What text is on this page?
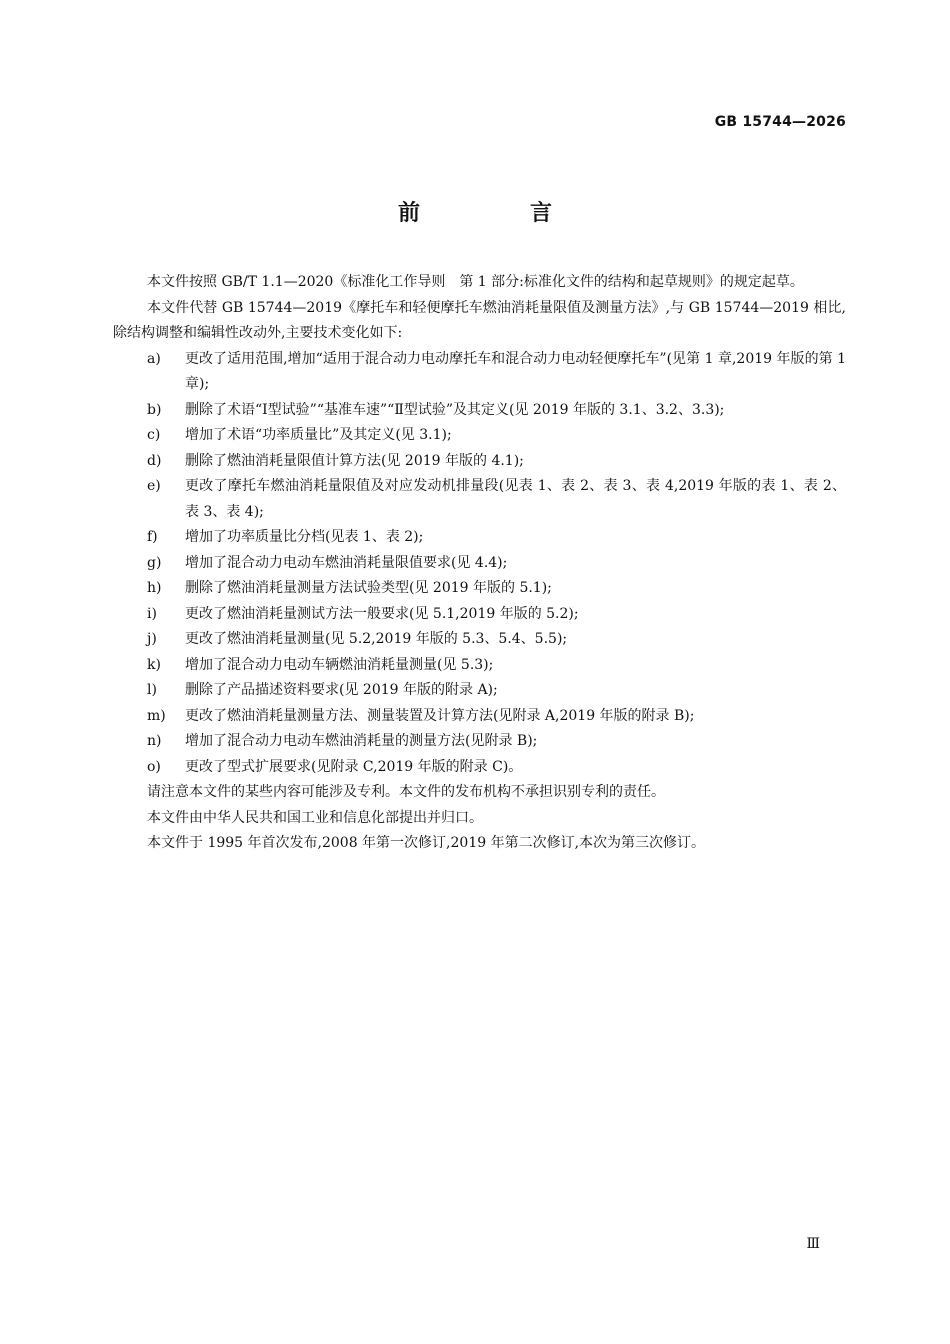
GB 15744—2026
前　言

本文件按照 GB/T 1.1—2020《标准化工作导则　第 1 部分:标准化文件的结构和起草规则》的规定起草。

本文件代替 GB 15744—2019《摩托车和轻便摩托车燃油消耗量限值及测量方法》,与 GB 15744—2019 相比,除结构调整和编辑性改动外,主要技术变化如下:

a)	更改了适用范围,增加“适用于混合动力电动摩托车和混合动力电动轻便摩托车”(见第 1 章,2019 年版的第 1 章);
b)	删除了术语“Ⅰ型试验”“基准车速”“Ⅱ型试验”及其定义(见 2019 年版的 3.1、3.2、3.3);
c)	增加了术语“功率质量比”及其定义(见 3.1);
d)	删除了燃油消耗量限值计算方法(见 2019 年版的 4.1);
e)	更改了摩托车燃油消耗量限值及对应发动机排量段(见表 1、表 2、表 3、表 4,2019 年版的表 1、表 2、表 3、表 4);
f)	增加了功率质量比分档(见表 1、表 2);
g)	增加了混合动力电动车燃油消耗量限值要求(见 4.4);
h)	删除了燃油消耗量测量方法试验类型(见 2019 年版的 5.1);
i)	更改了燃油消耗量测试方法一般要求(见 5.1,2019 年版的 5.2);
j)	更改了燃油消耗量测量(见 5.2,2019 年版的 5.3、5.4、5.5);
k)	增加了混合动力电动车辆燃油消耗量测量(见 5.3);
l)	删除了产品描述资料要求(见 2019 年版的附录 A);
m)	更改了燃油消耗量测量方法、测量装置及计算方法(见附录 A,2019 年版的附录 B);
n)	增加了混合动力电动车燃油消耗量的测量方法(见附录 B);
o)	更改了型式扩展要求(见附录 C,2019 年版的附录 C)。

请注意本文件的某些内容可能涉及专利。本文件的发布机构不承担识别专利的责任。

本文件由中华人民共和国工业和信息化部提出并归口。

本文件于 1995 年首次发布,2008 年第一次修订,2019 年第二次修订,本次为第三次修订。

Ⅲ
